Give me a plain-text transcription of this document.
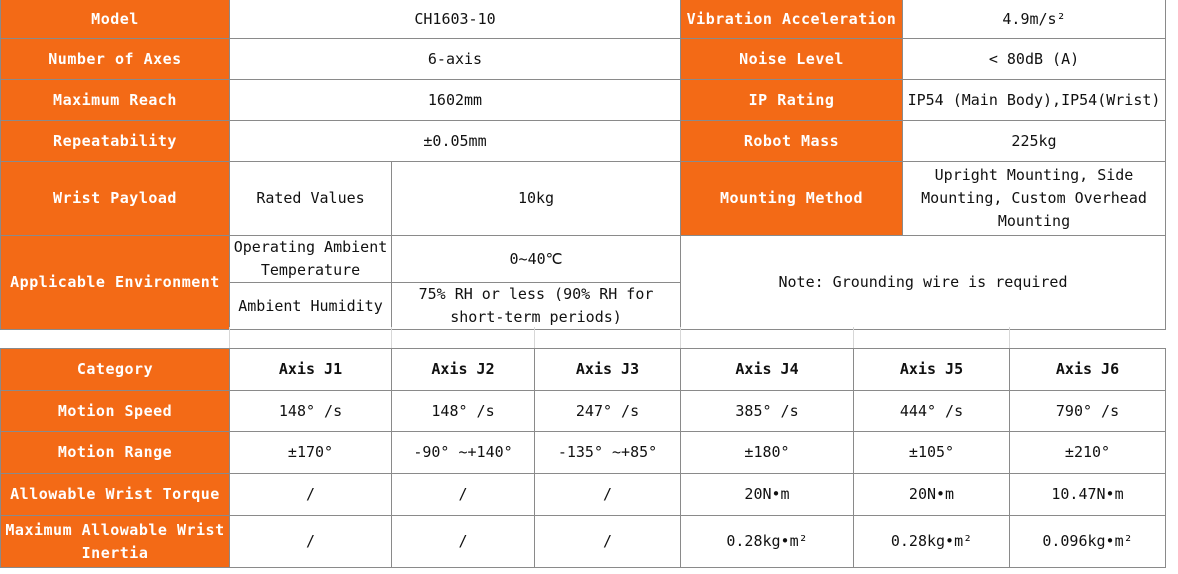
Model	CH1603-10		Vibration Acceleration	4.9m/s²
Number of Axes	6-axis		Noise Level	< 80dB (A)
Maximum Reach	1602mm		IP Rating	IP54 (Main Body),IP54(Wrist)
Repeatability	±0.05mm		Robot Mass	225kg
Wrist Payload	Rated Values	10kg	Mounting Method	Upright Mounting, Side Mounting, Custom Overhead Mounting
Applicable Environment	Operating Ambient Temperature	0~40℃	Note: Grounding wire is required	
	Ambient Humidity	75% RH or less (90% RH for short-term periods)		
Category	Axis J1	Axis J2	Axis J3	Axis J4	Axis J5	Axis J6
Motion Speed	148° /s	148° /s	247° /s	385° /s	444° /s	790° /s
Motion Range	±170°	-90° ~+140°	-135° ~+85°	±180°	±105°	±210°
Allowable Wrist Torque	/	/	/	20N•m	20N•m	10.47N•m
Maximum Allowable Wrist Inertia	/	/	/	0.28kg•m²	0.28kg•m²	0.096kg•m²
